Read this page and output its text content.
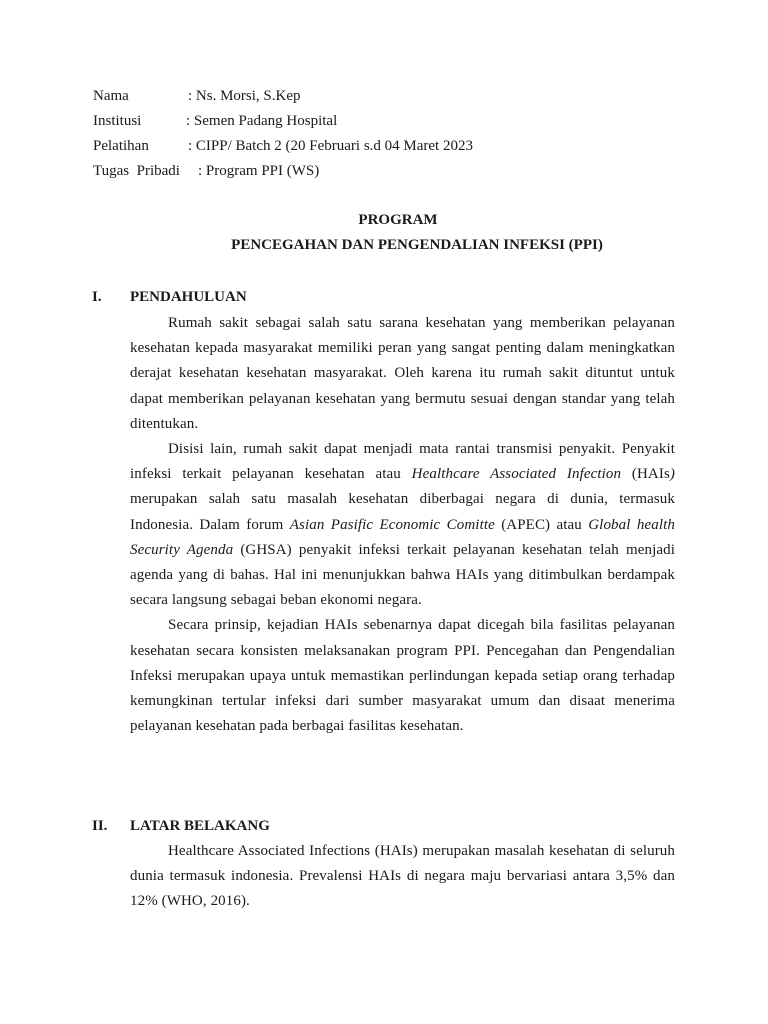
Nama	: Ns. Morsi, S.Kep
Institusi	: Semen Padang Hospital
Pelatihan	: CIPP/ Batch 2 (20 Februari s.d 04 Maret 2023
Tugas  Pribadi	: Program PPI (WS)
PROGRAM
PENCEGAHAN DAN PENGENDALIAN INFEKSI (PPI)
I. PENDAHULUAN

Rumah sakit sebagai salah satu sarana kesehatan yang memberikan pelayanan kesehatan kepada masyarakat memiliki peran yang sangat penting dalam meningkatkan derajat kesehatan kesehatan masyarakat. Oleh karena itu rumah sakit dituntut untuk dapat memberikan pelayanan kesehatan yang bermutu sesuai dengan standar yang telah ditentukan.

Disisi lain, rumah sakit dapat menjadi mata rantai transmisi penyakit. Penyakit infeksi terkait pelayanan kesehatan atau Healthcare Associated Infection (HAIs) merupakan salah satu masalah kesehatan diberbagai negara di dunia, termasuk Indonesia. Dalam forum Asian Pasific Economic Comitte (APEC) atau Global health Security Agenda (GHSA) penyakit infeksi terkait pelayanan kesehatan telah menjadi agenda yang di bahas. Hal ini menunjukkan bahwa HAIs yang ditimbulkan berdampak secara langsung sebagai beban ekonomi negara.

Secara prinsip, kejadian HAIs sebenarnya dapat dicegah bila fasilitas pelayanan kesehatan secara konsisten melaksanakan program PPI. Pencegahan dan Pengendalian Infeksi merupakan upaya untuk memastikan perlindungan kepada setiap orang terhadap kemungkinan tertular infeksi dari sumber masyarakat umum dan disaat menerima pelayanan kesehatan pada berbagai fasilitas kesehatan.

II. LATAR BELAKANG

Healthcare Associated Infections (HAIs) merupakan masalah kesehatan di seluruh dunia termasuk indonesia. Prevalensi HAIs di negara maju bervariasi antara 3,5% dan 12% (WHO, 2016).
